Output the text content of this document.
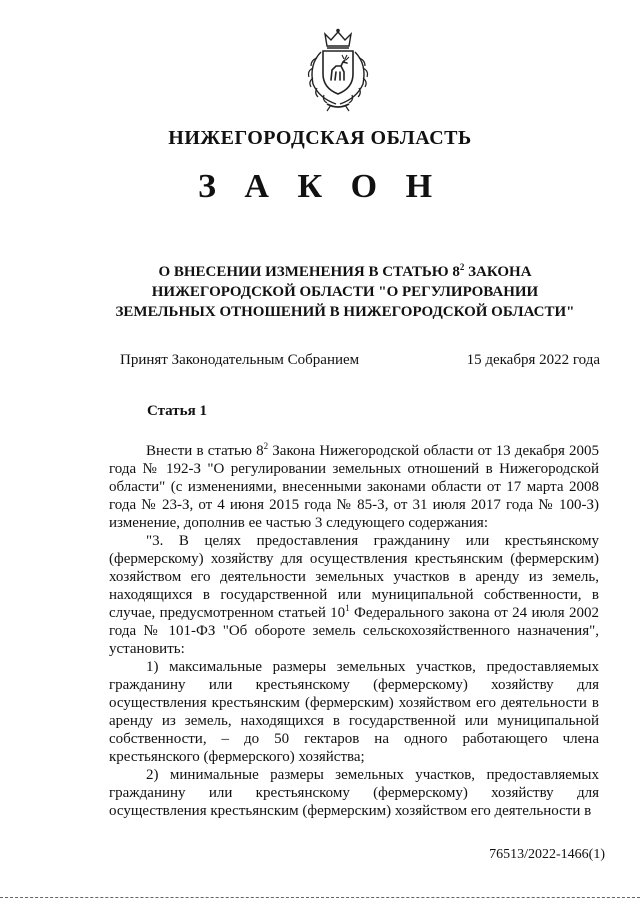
НИЖЕГОРОДСКАЯ ОБЛАСТЬ
З А К О Н
О ВНЕСЕНИИ ИЗМЕНЕНИЯ В СТАТЬЮ $8^2$ ЗАКОНА
НИЖЕГОРОДСКОЙ ОБЛАСТИ "О РЕГУЛИРОВАНИИ
ЗЕМЕЛЬНЫХ ОТНОШЕНИЙ В НИЖЕГОРОДСКОЙ ОБЛАСТИ"
Принят Законодательным Собранием	15 декабря 2022 года
Статья 1

Внести в статью $8^2$ Закона Нижегородской области от 13 декабря 2005 года № 192-З "О регулировании земельных отношений в Нижегородской области" (с изменениями, внесенными законами области от 17 марта 2008 года № 23-З, от 4 июня 2015 года № 85-З, от 31 июля 2017 года № 100-З) изменение, дополнив ее частью 3 следующего содержания:

"3. В целях предоставления гражданину или крестьянскому (фермерскому) хозяйству для осуществления крестьянским (фермерским) хозяйством его деятельности земельных участков в аренду из земель, находящихся в государственной или муниципальной собственности, в случае, предусмотренном статьей $10^1$ Федерального закона от 24 июля 2002 года № 101-ФЗ "Об обороте земель сельскохозяйственного назначения", установить:

1) максимальные размеры земельных участков, предоставляемых гражданину или крестьянскому (фермерскому) хозяйству для осуществления крестьянским (фермерским) хозяйством его деятельности в аренду из земель, находящихся в государственной или муниципальной собственности, – до 50 гектаров на одного работающего члена крестьянского (фермерского) хозяйства;

2) минимальные размеры земельных участков, предоставляемых гражданину или крестьянскому (фермерскому) хозяйству для осуществления крестьянским (фермерским) хозяйством его деятельности в

76513/2022-1466(1)
